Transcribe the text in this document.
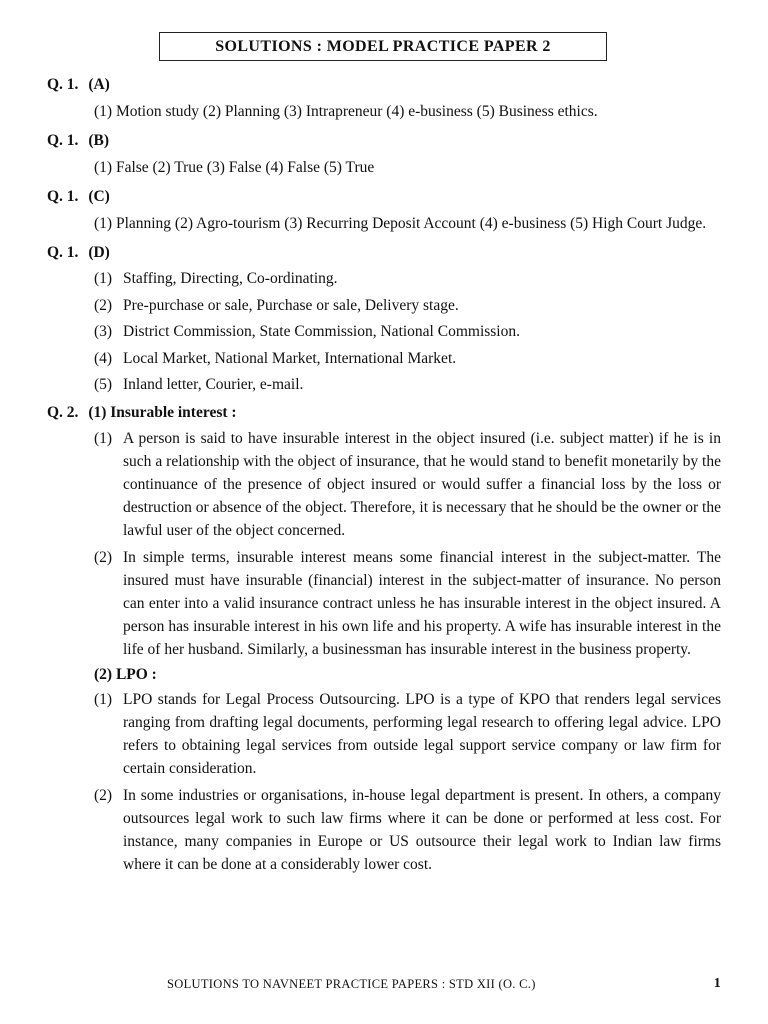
SOLUTIONS : MODEL PRACTICE PAPER 2
Q. 1. (A)
(1) Motion study (2) Planning (3) Intrapreneur (4) e-business (5) Business ethics.
Q. 1. (B)
(1) False (2) True (3) False (4) False (5) True
Q. 1. (C)
(1) Planning (2) Agro-tourism (3) Recurring Deposit Account (4) e-business (5) High Court Judge.
Q. 1. (D)
(1) Staffing, Directing, Co-ordinating.
(2) Pre-purchase or sale, Purchase or sale, Delivery stage.
(3) District Commission, State Commission, National Commission.
(4) Local Market, National Market, International Market.
(5) Inland letter, Courier, e-mail.
Q. 2. (1) Insurable interest :
(1) A person is said to have insurable interest in the object insured (i.e. subject matter) if he is in such a relationship with the object of insurance, that he would stand to benefit monetarily by the continuance of the presence of object insured or would suffer a financial loss by the loss or destruction or absence of the object. Therefore, it is necessary that he should be the owner or the lawful user of the object concerned.
(2) In simple terms, insurable interest means some financial interest in the subject-matter. The insured must have insurable (financial) interest in the subject-matter of insurance. No person can enter into a valid insurance contract unless he has insurable interest in the object insured. A person has insurable interest in his own life and his property. A wife has insurable interest in the life of her husband. Similarly, a businessman has insurable interest in the business property.
(2) LPO :
(1) LPO stands for Legal Process Outsourcing. LPO is a type of KPO that renders legal services ranging from drafting legal documents, performing legal research to offering legal advice. LPO refers to obtaining legal services from outside legal support service company or law firm for certain consideration.
(2) In some industries or organisations, in-house legal department is present. In others, a company outsources legal work to such law firms where it can be done or performed at less cost. For instance, many companies in Europe or US outsource their legal work to Indian law firms where it can be done at a considerably lower cost.
SOLUTIONS TO NAVNEET PRACTICE PAPERS : STD XII (O. C.)	1
